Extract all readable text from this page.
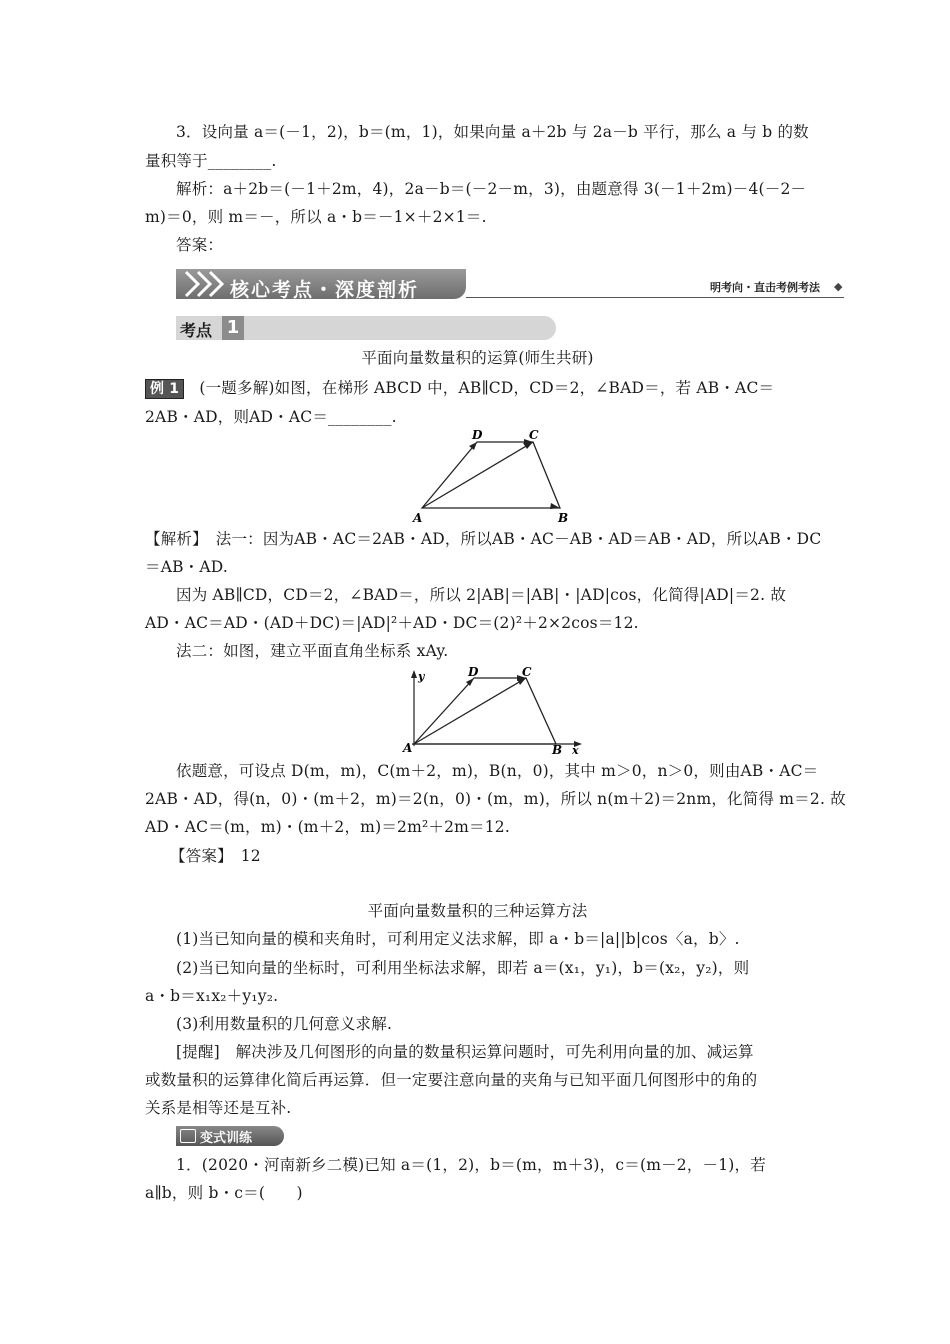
3．设向量 a＝(－1，2)，b＝(m，1)，如果向量 a＋2b 与 2a－b 平行，那么 a 与 b 的数
量积等于________.
解析：a＋2b＝(－1＋2m，4)，2a－b＝(－2－m，3)，由题意得 3(－1＋2m)－4(－2－
m)＝0，则 m＝－，所以 a・b＝－1×＋2×1＝.
答案：
核心考点・深度剖析	明考向・直击考例考法 ◆
考点 1
平面向量数量积的运算(师生共研)
例 1 (一题多解)如图，在梯形 ABCD 中，AB∥CD，CD＝2，∠BAD＝，若 AB・AC＝
2AB・AD，则AD・AC＝________.
D	C
A	B
【解析】　法一：因为AB・AC＝2AB・AD，所以AB・AC－AB・AD＝AB・AD，所以AB・DC
＝AB・AD.
因为 AB∥CD，CD＝2，∠BAD＝，所以 2|AB|＝|AB|・|AD|cos，化简得|AD|＝2. 故
AD・AC＝AD・(AD＋DC)＝|AD|²＋AD・DC＝(2)²＋2×2cos＝12.
法二：如图，建立平面直角坐标系 xAy.
y	D	C
A	B x
依题意，可设点 D(m，m)，C(m＋2，m)，B(n，0)，其中 m＞0，n＞0，则由AB・AC＝
2AB・AD，得(n，0)・(m＋2，m)＝2(n，0)・(m，m)，所以 n(m＋2)＝2nm，化简得 m＝2. 故
AD・AC＝(m，m)・(m＋2，m)＝2m²＋2m＝12.
【答案】　12
平面向量数量积的三种运算方法
(1)当已知向量的模和夹角时，可利用定义法求解，即 a・b＝|a||b|cos〈a，b〉.
(2)当已知向量的坐标时，可利用坐标法求解，即若 a＝(x₁，y₁)，b＝(x₂，y₂)，则
a・b＝x₁x₂＋y₁y₂.
(3)利用数量积的几何意义求解.
[提醒]　解决涉及几何图形的向量的数量积运算问题时，可先利用向量的加、减运算
或数量积的运算律化简后再运算．但一定要注意向量的夹角与已知平面几何图形中的角的
关系是相等还是互补.
变式训练
1．(2020・河南新乡二模)已知 a＝(1，2)，b＝(m，m＋3)，c＝(m－2，－1)，若
a∥b，则 b・c＝(　　)
